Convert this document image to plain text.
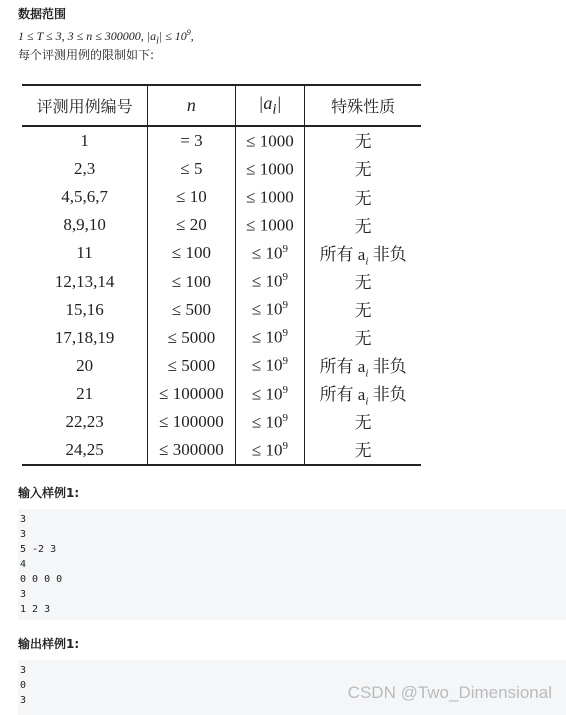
数据范围
1 ≤ T ≤ 3, 3 ≤ n ≤ 300000, $|a_i| \le 10^9$,
每个评测用例的限制如下:
评测用例编号	n	$|a_i|$	特殊性质
1	= 3	≤ 1000	无
2,3	≤ 5	≤ 1000	无
4,5,6,7	≤ 10	≤ 1000	无
8,9,10	≤ 20	≤ 1000	无
11	≤ 100	≤ $10^9$	所有 $a_i$ 非负
12,13,14	≤ 100	≤ $10^9$	无
15,16	≤ 500	≤ $10^9$	无
17,18,19	≤ 5000	≤ $10^9$	无
20	≤ 5000	≤ $10^9$	所有 $a_i$ 非负
21	≤ 100000	≤ $10^9$	所有 $a_i$ 非负
22,23	≤ 100000	≤ $10^9$	无
24,25	≤ 300000	≤ $10^9$	无
输入样例1:
3
3
5 -2 3
4
0 0 0 0
3
1 2 3
输出样例1:
3
0
3	CSDN @Two_Dimensional
